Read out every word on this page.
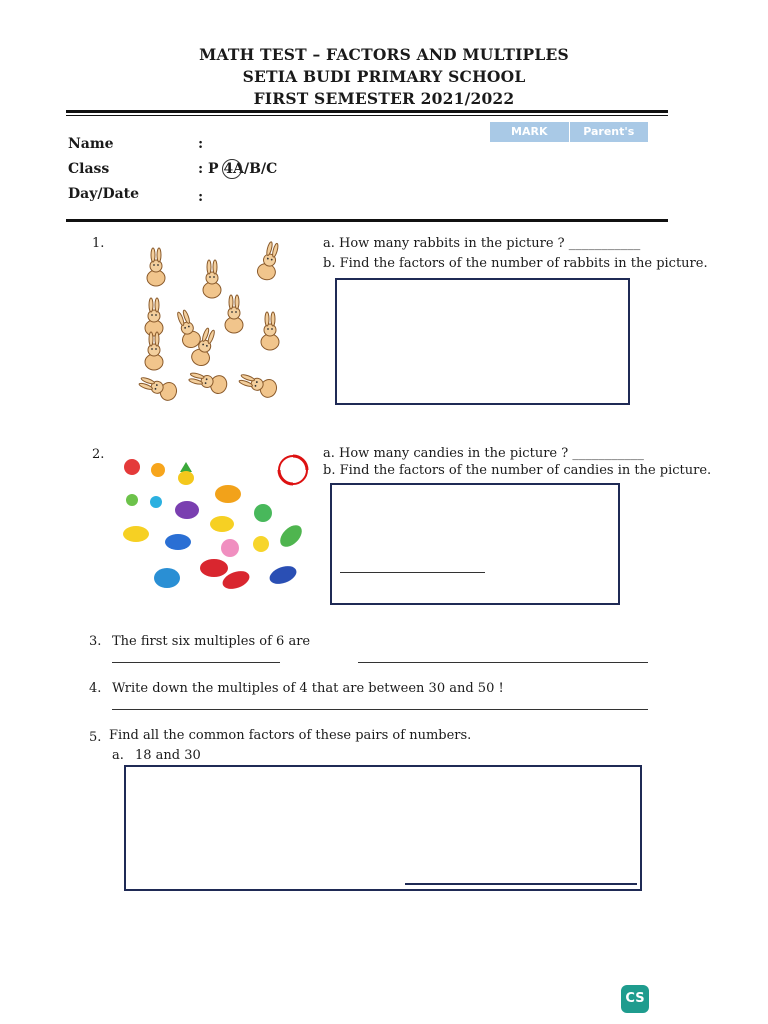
MATH TEST – FACTORS AND MULTIPLES
SETIA BUDI PRIMARY SCHOOL
FIRST SEMESTER 2021/2022
Name	:
Class	: P 4A/B/C
Day/Date	:
MARK	Parent's Sign
1.	a. How many rabbits in the picture ? ___________
b. Find the factors of the number of rabbits in the picture.
2.	a. How many candies in the picture ? ___________
b. Find the factors of the number of candies in the picture.
3. The first six multiples of 6 are
4. Write down the multiples of 4 that are between 30 and 50 !
5. Find all the common factors of these pairs of numbers.
a. 18 and 30
CS
